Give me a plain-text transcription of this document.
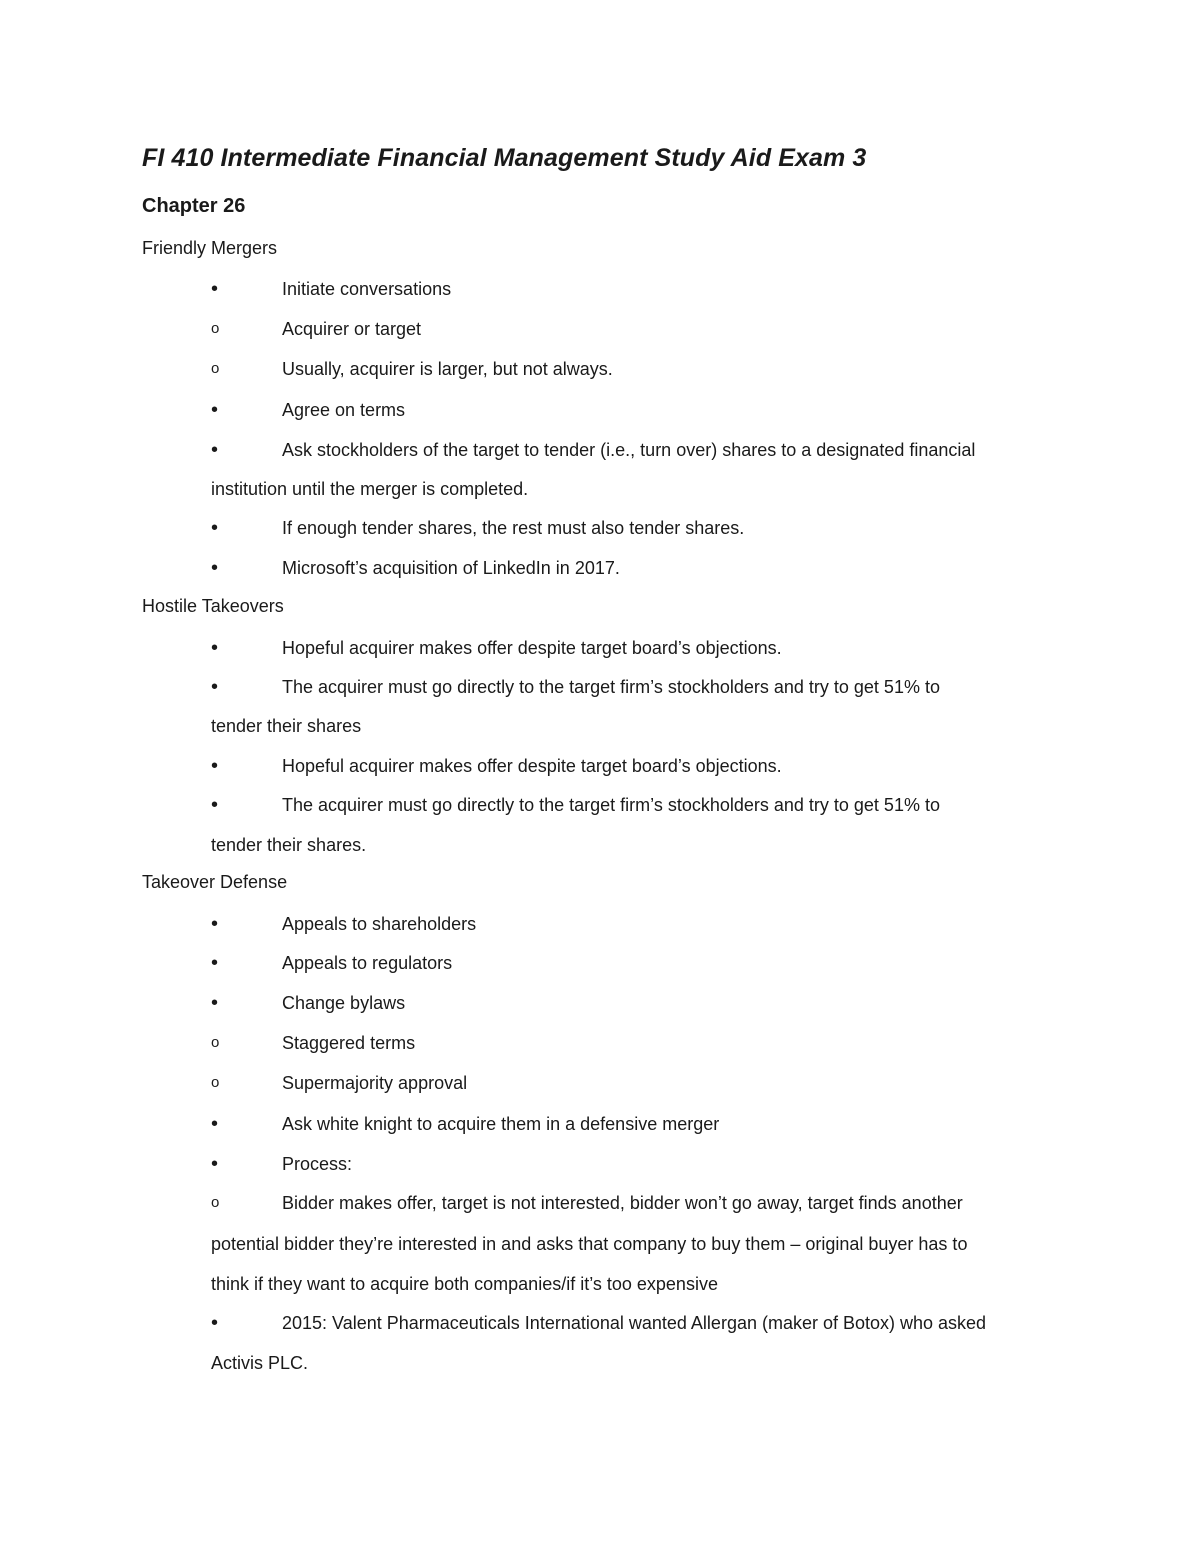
FI 410 Intermediate Financial Management Study Aid Exam 3
Chapter 26
Friendly Mergers
•	Initiate conversations
o	Acquirer or target
o	Usually, acquirer is larger, but not always.
•	Agree on terms
•	Ask stockholders of the target to tender (i.e., turn over) shares to a designated financial
institution until the merger is completed.
•	If enough tender shares, the rest must also tender shares.
•	Microsoft’s acquisition of LinkedIn in 2017.
Hostile Takeovers
•	Hopeful acquirer makes offer despite target board’s objections.
•	The acquirer must go directly to the target firm’s stockholders and try to get 51% to
tender their shares
•	Hopeful acquirer makes offer despite target board’s objections.
•	The acquirer must go directly to the target firm’s stockholders and try to get 51% to
tender their shares.
Takeover Defense
•	Appeals to shareholders
•	Appeals to regulators
•	Change bylaws
o	Staggered terms
o	Supermajority approval
•	Ask white knight to acquire them in a defensive merger
•	Process:
o	Bidder makes offer, target is not interested, bidder won’t go away, target finds another
potential bidder they’re interested in and asks that company to buy them – original buyer has to
think if they want to acquire both companies/if it’s too expensive
•	2015: Valent Pharmaceuticals International wanted Allergan (maker of Botox) who asked
Activis PLC.
